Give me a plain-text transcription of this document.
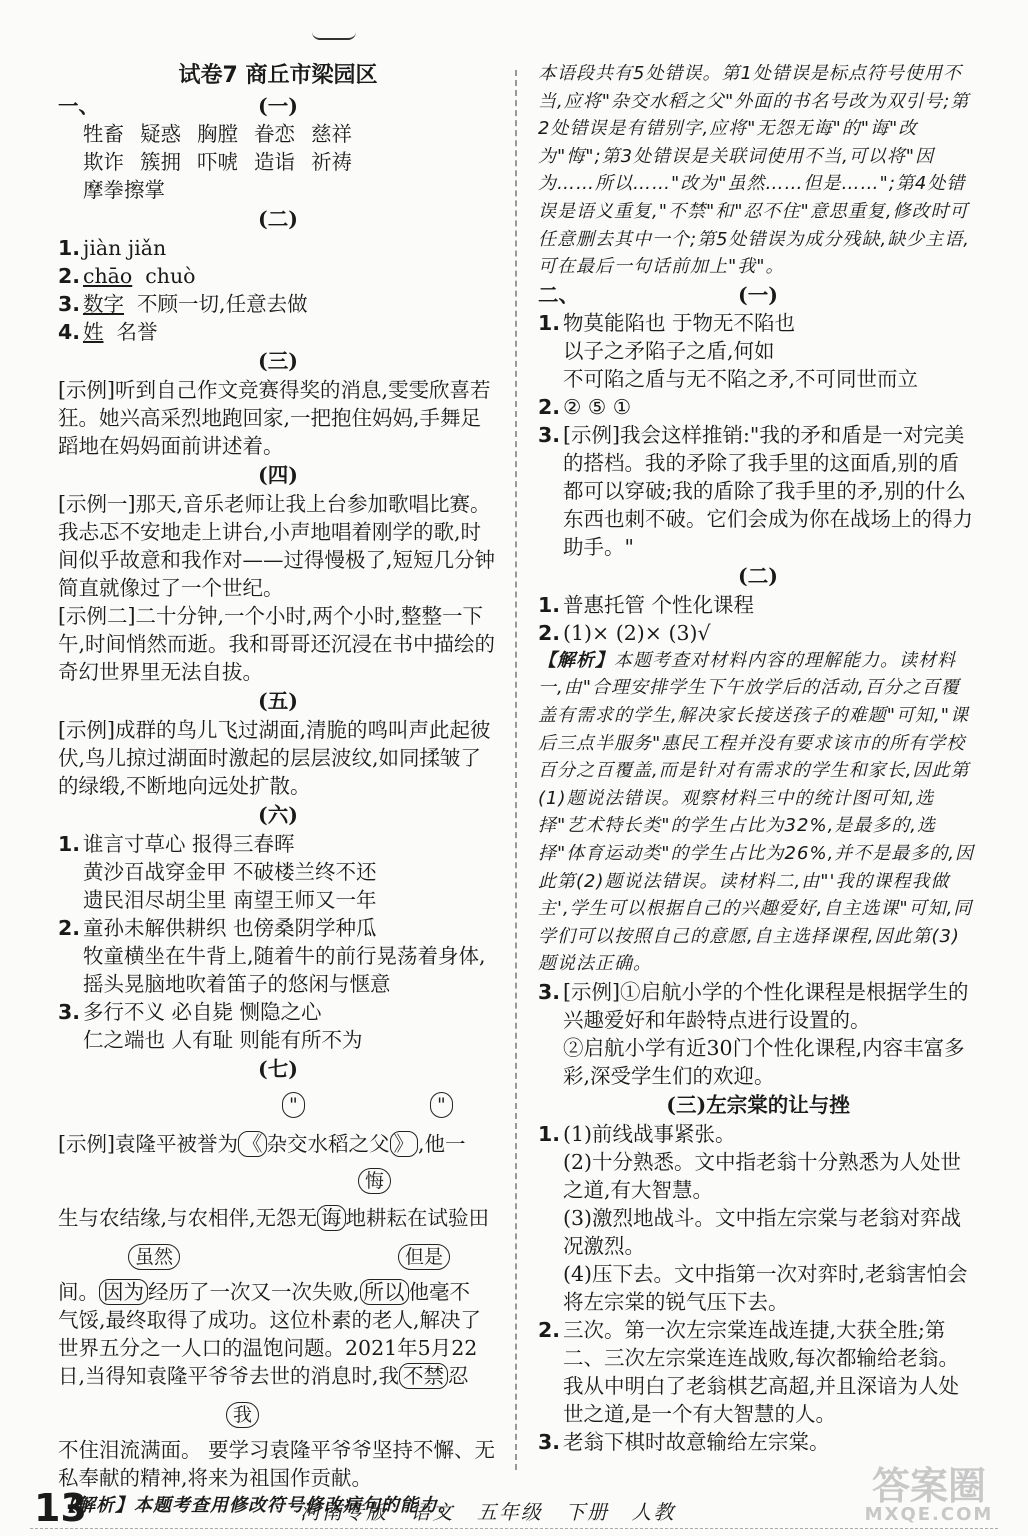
试卷7 商丘市梁园区
一、	(一)
牲畜 疑惑 胸膛 眷恋 慈祥
欺诈 簇拥 吓唬 造诣 祈祷
摩拳擦掌
(二)
1. jiàn jiǎn
2. chāo chuò
3. 数字 不顾一切,任意去做
4. 姓 名誉
(三)
[示例]听到自己作文竞赛得奖的消息,雯雯欣喜若狂。她兴高采烈地跑回家,一把抱住妈妈,手舞足蹈地在妈妈面前讲述着。
(四)
[示例一]那天,音乐老师让我上台参加歌唱比赛。我忐忑不安地走上讲台,小声地唱着刚学的歌,时间似乎故意和我作对——过得慢极了,短短几分钟简直就像过了一个世纪。
[示例二]二十分钟,一个小时,两个小时,整整一下午,时间悄然而逝。我和哥哥还沉浸在书中描绘的奇幻世界里无法自拔。
(五)
[示例]成群的鸟儿飞过湖面,清脆的鸣叫声此起彼伏,鸟儿掠过湖面时激起的层层波纹,如同揉皱了的绿缎,不断地向远处扩散。
(六)
1. 谁言寸草心 报得三春晖
黄沙百战穿金甲 不破楼兰终不还
遗民泪尽胡尘里 南望王师又一年
2. 童孙未解供耕织 也傍桑阴学种瓜
牧童横坐在牛背上,随着牛的前行晃荡着身体,摇头晃脑地吹着笛子的悠闲与惬意
3. 多行不义 必自毙 恻隐之心
仁之端也 人有耻 则能有所不为
(七)
"	"
[示例]袁隆平被誉为 《 杂交水稻之父 》 ,他一
悔
生与农结缘,与农相伴,无怨无 诲 地耕耘在试验田
虽然	但是
间。 因为 经历了一次又一次失败, 所以 他毫不
气馁,最终取得了成功。这位朴素的老人,解决了
世界五分之一人口的温饱问题。2021年5月22
日,当得知袁隆平爷爷去世的消息时,我 不禁 忍
我
不住泪流满面。 要学习袁隆平爷爷坚持不懈、无
私奉献的精神,将来为祖国作贡献。
【解析】本题考查用修改符号修改病句的能力。
本语段共有5处错误。第1处错误是标点符号使用不当,应将"杂交水稻之父"外面的书名号改为双引号;第2处错误是有错别字,应将"无怨无诲"的"诲"改为"悔";第3处错误是关联词使用不当,可以将"因为……所以……"改为"虽然……但是……";第4处错误是语义重复,"不禁"和"忍不住"意思重复,修改时可任意删去其中一个;第5处错误为成分残缺,缺少主语,可在最后一句话前加上"我"。
二、	(一)
1. 物莫能陷也 于物无不陷也
以子之矛陷子之盾,何如
不可陷之盾与无不陷之矛,不可同世而立
2. ② ⑤ ①
3. [示例]我会这样推销:"我的矛和盾是一对完美的搭档。我的矛除了我手里的这面盾,别的盾都可以穿破;我的盾除了我手里的矛,别的什么东西也刺不破。它们会成为你在战场上的得力助手。"
(二)
1. 普惠托管 个性化课程
2. (1)× (2)× (3)√
【解析】本题考查对材料内容的理解能力。读材料一,由"合理安排学生下午放学后的活动,百分之百覆盖有需求的学生,解决家长接送孩子的难题"可知,"课后三点半服务"惠民工程并没有要求该市的所有学校百分之百覆盖,而是针对有需求的学生和家长,因此第(1)题说法错误。观察材料三中的统计图可知,选择"艺术特长类"的学生占比为32%,是最多的,选择"体育运动类"的学生占比为26%,并不是最多的,因此第(2)题说法错误。读材料二,由"'我的课程我做主',学生可以根据自己的兴趣爱好,自主选课"可知,同学们可以按照自己的意愿,自主选择课程,因此第(3)题说法正确。
3. [示例]①启航小学的个性化课程是根据学生的兴趣爱好和年龄特点进行设置的。
②启航小学有近30门个性化课程,内容丰富多彩,深受学生们的欢迎。
(三)左宗棠的让与挫
1. (1)前线战事紧张。
(2)十分熟悉。文中指老翁十分熟悉为人处世之道,有大智慧。
(3)激烈地战斗。文中指左宗棠与老翁对弈战况激烈。
(4)压下去。文中指第一次对弈时,老翁害怕会将左宗棠的锐气压下去。
2. 三次。第一次左宗棠连战连捷,大获全胜;第二、三次左宗棠连连战败,每次都输给老翁。我从中明白了老翁棋艺高超,并且深谙为人处世之道,是一个有大智慧的人。
3. 老翁下棋时故意输给左宗棠。
13	河南专版 语文 五年级 下册 人教
答案圈
MXQE.COM
